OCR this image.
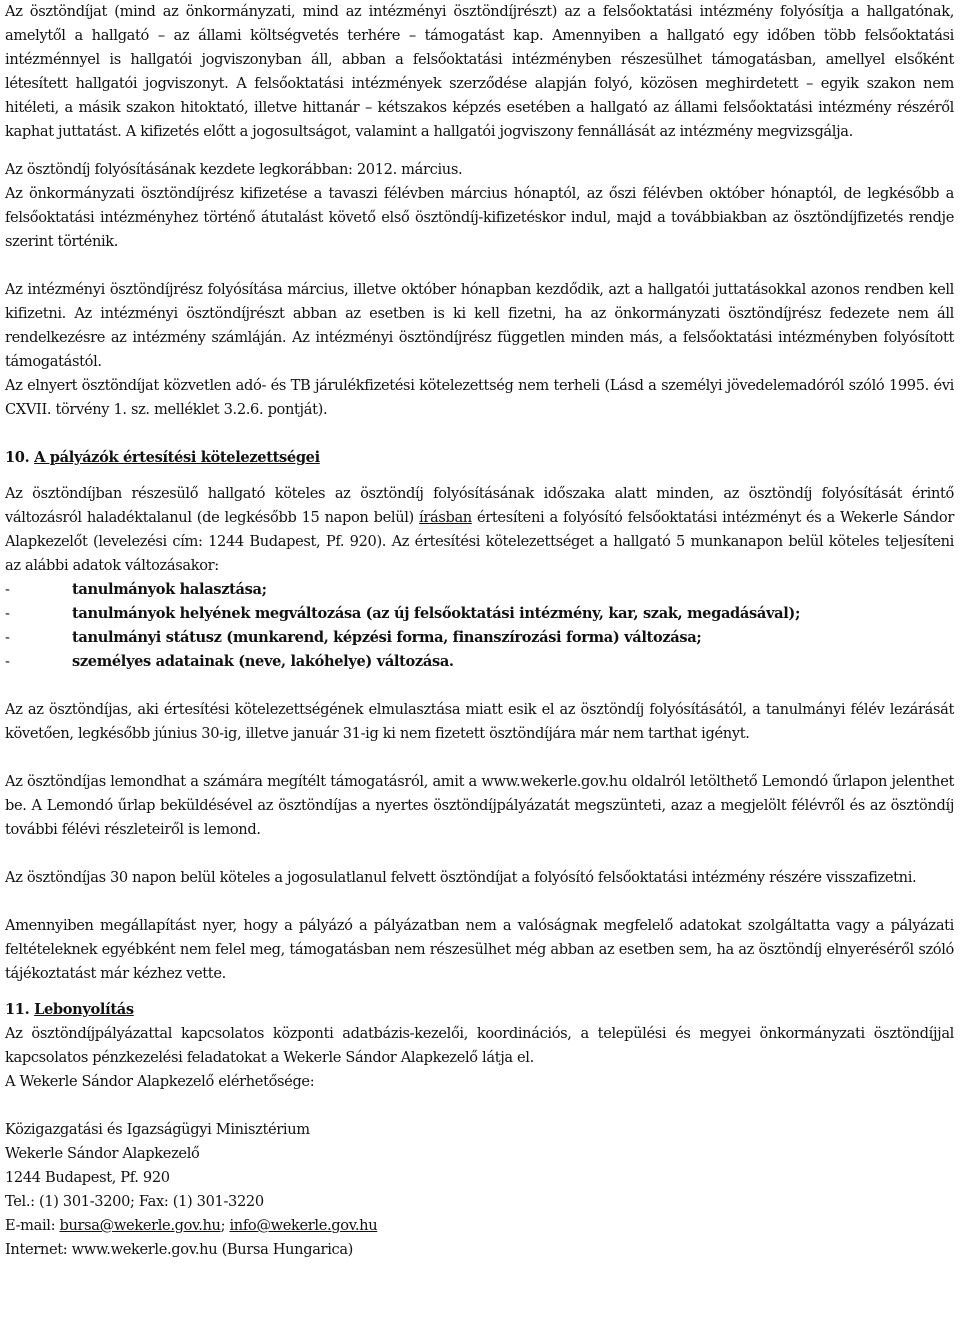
Az ösztöndíjat (mind az önkormányzati, mind az intézményi ösztöndíjrészt) az a felsőoktatási intézmény folyósítja a hallgatónak, amelytől a hallgató – az állami költségvetés terhére – támogatást kap. Amennyiben a hallgató egy időben több felsőoktatási intézménnyel is hallgatói jogviszonyban áll, abban a felsőoktatási intézményben részesülhet támogatásban, amellyel elsőként létesített hallgatói jogviszonyt. A felsőoktatási intézmények szerződése alapján folyó, közösen meghirdetett – egyik szakon nem hitéleti, a másik szakon hitoktató, illetve hittanár – kétszakos képzés esetében a hallgató az állami felsőoktatási intézmény részéről kaphat juttatást. A kifizetés előtt a jogosultságot, valamint a hallgatói jogviszony fennállását az intézmény megvizsgálja.

Az ösztöndíj folyósításának kezdete legkorábban: 2012. március.

Az önkormányzati ösztöndíjrész kifizetése a tavaszi félévben március hónaptól, az őszi félévben október hónaptól, de legkésőbb a felsőoktatási intézményhez történő átutalást követő első ösztöndíj-kifizetéskor indul, majd a továbbiakban az ösztöndíjfizetés rendje szerint történik.

Az intézményi ösztöndíjrész folyósítása március, illetve október hónapban kezdődik, azt a hallgatói juttatásokkal azonos rendben kell kifizetni. Az intézményi ösztöndíjrészt abban az esetben is ki kell fizetni, ha az önkormányzati ösztöndíjrész fedezete nem áll rendelkezésre az intézmény számláján. Az intézményi ösztöndíjrész független minden más, a felsőoktatási intézményben folyósított támogatástól.

Az elnyert ösztöndíjat közvetlen adó- és TB járulékfizetési kötelezettség nem terheli (Lásd a személyi jövedelemadóról szóló 1995. évi CXVII. törvény 1. sz. melléklet 3.2.6. pontját).

10. A pályázók értesítési kötelezettségei

Az ösztöndíjban részesülő hallgató köteles az ösztöndíj folyósításának időszaka alatt minden, az ösztöndíj folyósítását érintő változásról haladéktalanul (de legkésőbb 15 napon belül) írásban értesíteni a folyósító felsőoktatási intézményt és a Wekerle Sándor Alapkezelőt (levelezési cím: 1244 Budapest, Pf. 920). Az értesítési kötelezettséget a hallgató 5 munkanapon belül köteles teljesíteni az alábbi adatok változásakor:

-	tanulmányok halasztása;
-	tanulmányok helyének megváltozása (az új felsőoktatási intézmény, kar, szak, megadásával);
-	tanulmányi státusz (munkarend, képzési forma, finanszírozási forma) változása;
-	személyes adatainak (neve, lakóhelye) változása.

Az az ösztöndíjas, aki értesítési kötelezettségének elmulasztása miatt esik el az ösztöndíj folyósításától, a tanulmányi félév lezárását követően, legkésőbb június 30-ig, illetve január 31-ig ki nem fizetett ösztöndíjára már nem tarthat igényt.

Az ösztöndíjas lemondhat a számára megítélt támogatásról, amit a www.wekerle.gov.hu oldalról letölthető Lemondó űrlapon jelenthet be. A Lemondó űrlap beküldésével az ösztöndíjas a nyertes ösztöndíjpályázatát megszünteti, azaz a megjelölt félévről és az ösztöndíj további félévi részleteiről is lemond.

Az ösztöndíjas 30 napon belül köteles a jogosulatlanul felvett ösztöndíjat a folyósító felsőoktatási intézmény részére visszafizetni.

Amennyiben megállapítást nyer, hogy a pályázó a pályázatban nem a valóságnak megfelelő adatokat szolgáltatta vagy a pályázati feltételeknek egyébként nem felel meg, támogatásban nem részesülhet még abban az esetben sem, ha az ösztöndíj elnyeréséről szóló tájékoztatást már kézhez vette.

11. Lebonyolítás

Az ösztöndíjpályázattal kapcsolatos központi adatbázis-kezelői, koordinációs, a települési és megyei önkormányzati ösztöndíjjal kapcsolatos pénzkezelési feladatokat a Wekerle Sándor Alapkezelő látja el.

A Wekerle Sándor Alapkezelő elérhetősége:

Közigazgatási és Igazságügyi Minisztérium
Wekerle Sándor Alapkezelő
1244 Budapest, Pf. 920
Tel.: (1) 301-3200; Fax: (1) 301-3220
E-mail: bursa@wekerle.gov.hu; info@wekerle.gov.hu
Internet: www.wekerle.gov.hu (Bursa Hungarica)
